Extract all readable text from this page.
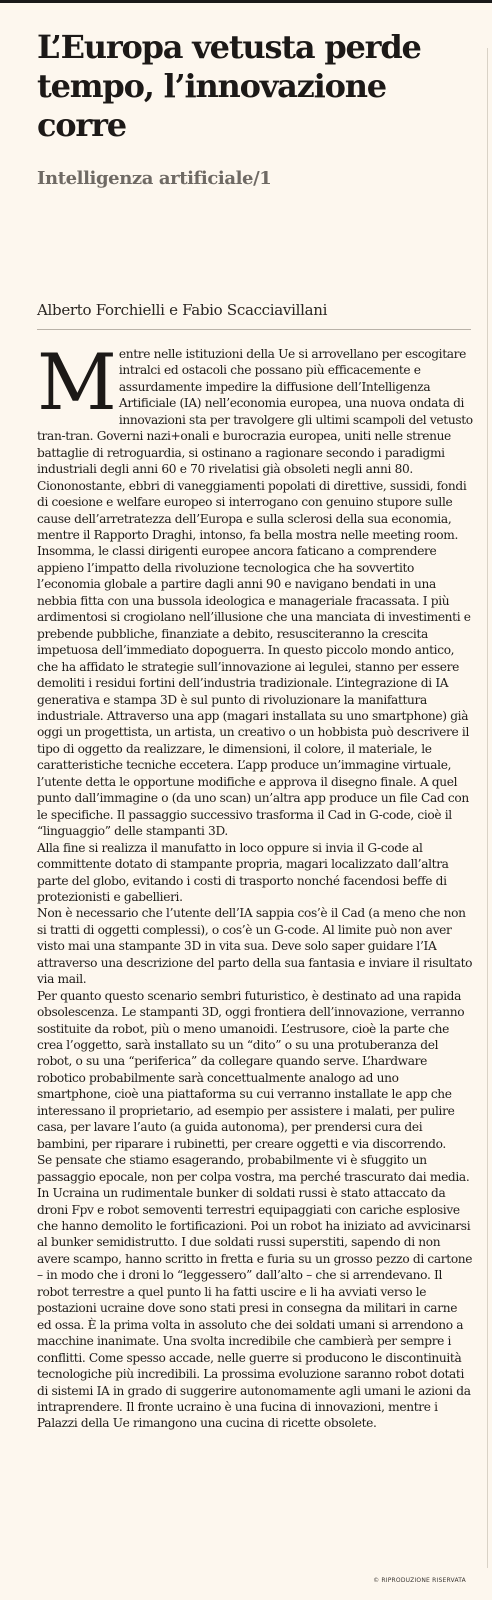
L’Europa vetusta perde tempo, l’innovazione corre
Intelligenza artificiale/1
Alberto Forchielli e Fabio Scacciavillani
M entre nelle istituzioni della Ue si arrovellano per escogitare intralci ed ostacoli che possano più efficacemente e assurdamente impedire la diffusione dell’Intelligenza Artificiale (IA) nell’economia europea, una nuova ondata di innovazioni sta per travolgere gli ultimi scampoli del vetusto tran-tran. Governi nazi+onali e burocrazia europea, uniti nelle strenue battaglie di retroguardia, si ostinano a ragionare secondo i paradigmi industriali degli anni 60 e 70 rivelatisi già obsoleti negli anni 80. Ciononostante, ebbri di vaneggiamenti popolati di direttive, sussidi, fondi di coesione e welfare europeo si interrogano con genuino stupore sulle cause dell’arretratezza dell’Europa e sulla sclerosi della sua economia, mentre il Rapporto Draghi, intonso, fa bella mostra nelle meeting room.

Insomma, le classi dirigenti europee ancora faticano a comprendere appieno l’impatto della rivoluzione tecnologica che ha sovvertito l’economia globale a partire dagli anni 90 e navigano bendati in una nebbia fitta con una bussola ideologica e manageriale fracassata. I più ardimentosi si crogiolano nell’illusione che una manciata di investimenti e prebende pubbliche, finanziate a debito, resusciteranno la crescita impetuosa dell’immediato dopoguerra. In questo piccolo mondo antico, che ha affidato le strategie sull’innovazione ai legulei, stanno per essere demoliti i residui fortini dell’industria tradizionale. L’integrazione di IA generativa e stampa 3D è sul punto di rivoluzionare la manifattura industriale. Attraverso una app (magari installata su uno smartphone) già oggi un progettista, un artista, un creativo o un hobbista può descrivere il tipo di oggetto da realizzare, le dimensioni, il colore, il materiale, le caratteristiche tecniche eccetera. L’app produce un’immagine virtuale, l’utente detta le opportune modifiche e approva il disegno finale. A quel punto dall’immagine o (da uno scan) un’altra app produce un file Cad con le specifiche. Il passaggio successivo trasforma il Cad in G-code, cioè il “linguaggio” delle stampanti 3D.

Alla fine si realizza il manufatto in loco oppure si invia il G-code al committente dotato di stampante propria, magari localizzato dall’altra parte del globo, evitando i costi di trasporto nonché facendosi beffe di protezionisti e gabellieri.

Non è necessario che l’utente dell’IA sappia cos’è il Cad (a meno che non si tratti di oggetti complessi), o cos’è un G-code. Al limite può non aver visto mai una stampante 3D in vita sua. Deve solo saper guidare l’IA attraverso una descrizione del parto della sua fantasia e inviare il risultato via mail.

Per quanto questo scenario sembri futuristico, è destinato ad una rapida obsolescenza. Le stampanti 3D, oggi frontiera dell’innovazione, verranno sostituite da robot, più o meno umanoidi. L’estrusore, cioè la parte che crea l’oggetto, sarà installato su un “dito” o su una protuberanza del robot, o su una “periferica” da collegare quando serve. L’hardware robotico probabilmente sarà concettualmente analogo ad uno smartphone, cioè una piattaforma su cui verranno installate le app che interessano il proprietario, ad esempio per assistere i malati, per pulire casa, per lavare l’auto (a guida autonoma), per prendersi cura dei bambini, per riparare i rubinetti, per creare oggetti e via discorrendo.

Se pensate che stiamo esagerando, probabilmente vi è sfuggito un passaggio epocale, non per colpa vostra, ma perché trascurato dai media. In Ucraina un rudimentale bunker di soldati russi è stato attaccato da droni Fpv e robot semoventi terrestri equipaggiati con cariche esplosive che hanno demolito le fortificazioni. Poi un robot ha iniziato ad avvicinarsi al bunker semidistrutto. I due soldati russi superstiti, sapendo di non avere scampo, hanno scritto in fretta e furia su un grosso pezzo di cartone – in modo che i droni lo “leggessero” dall’alto – che si arrendevano. Il robot terrestre a quel punto li ha fatti uscire e li ha avviati verso le postazioni ucraine dove sono stati presi in consegna da militari in carne ed ossa. È la prima volta in assoluto che dei soldati umani si arrendono a macchine inanimate. Una svolta incredibile che cambierà per sempre i conflitti. Come spesso accade, nelle guerre si producono le discontinuità tecnologiche più incredibili. La prossima evoluzione saranno robot dotati di sistemi IA in grado di suggerire autonomamente agli umani le azioni da intraprendere. Il fronte ucraino è una fucina di innovazioni, mentre i Palazzi della Ue rimangono una cucina di ricette obsolete.

© RIPRODUZIONE RISERVATA
